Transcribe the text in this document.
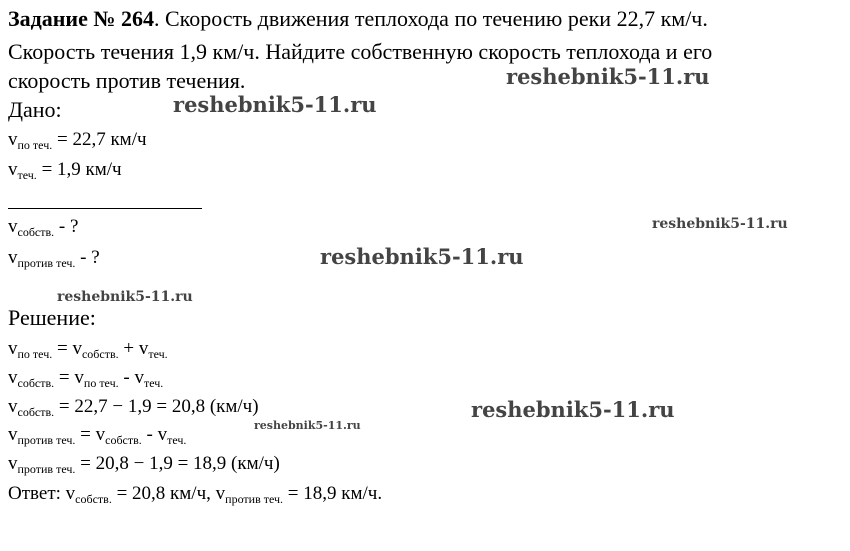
Задание № 264. Скорость движения теплохода по течению реки 22,7 км/ч.
Скорость течения 1,9 км/ч. Найдите собственную скорость теплохода и его
скорость против течения.
Дано:
$v_{по теч.} = 22,7$ км/ч
$v_{теч.} = 1,9$ км/ч
$v_{собств.}$ - ?
$v_{против теч.}$ - ?
Решение:
$v_{по теч.} = v_{собств.} + v_{теч.}$
$v_{собств.} = v_{по теч.} - v_{теч.}$
$v_{собств.} = 22,7 - 1,9 = 20,8$ (км/ч)
$v_{против теч.} = v_{собств.} - v_{теч.}$
$v_{против теч.} = 20,8 - 1,9 = 18,9$ (км/ч)
Ответ: $v_{собств.} = 20,8$ км/ч, $v_{против теч.} = 18,9$ км/ч.
reshebnik5-11.ru
reshebnik5-11.ru
reshebnik5-11.ru
reshebnik5-11.ru
reshebnik5-11.ru
reshebnik5-11.ru
reshebnik5-11.ru
